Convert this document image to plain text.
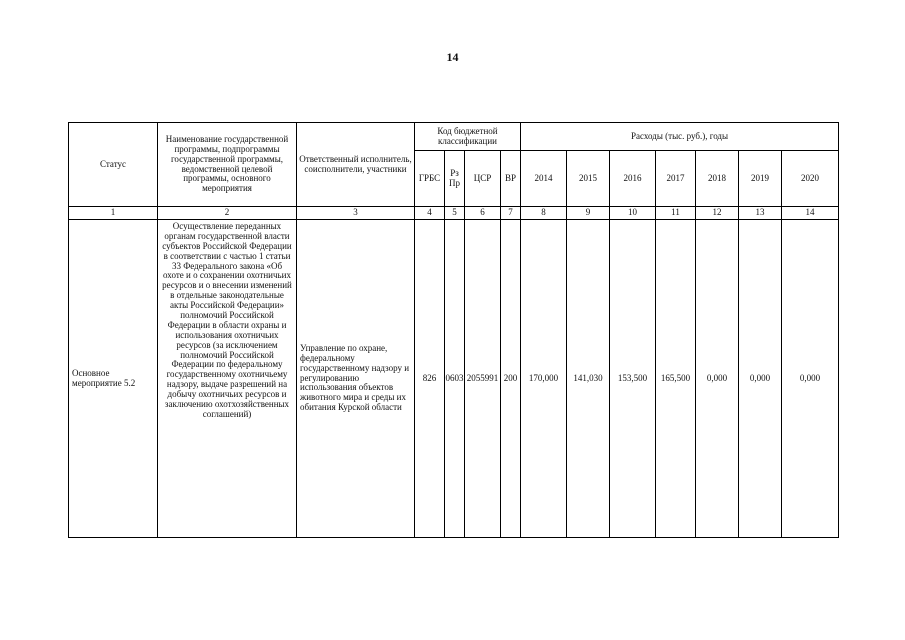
14
Статус	Наименование государственной программы, подпрограммы государственной программы, ведомственной целевой программы, основного мероприятия	Ответственный исполнитель, соисполнители, участники	Код бюджетной классификации				Расходы (тыс. руб.), годы						
			ГРБС	Рз Пр	ЦСР	ВР	2014	2015	2016	2017	2018	2019	2020
1	2	3	4	5	6	7	8	9	10	11	12	13	14
Основное мероприятие 5.2	Осуществление переданных органам государственной власти субъектов Российской Федерации в соответствии с частью 1 статьи 33 Федерального закона «Об охоте и о сохранении охотничьих ресурсов и о внесении изменений в отдельные законодательные акты Российской Федерации» полномочий Российской Федерации в области охраны и использования охотничьих ресурсов (за исключением полномочий Российской Федерации по федеральному государственному охотничьему надзору, выдаче разрешений на добычу охотничьих ресурсов и заключению охотхозяйственных соглашений)	Управление по охране, федеральному государственному надзору и регулированию использования объектов животного мира и среды их обитания Курской области	826	0603	2055991	200	170,000	141,030	153,500	165,500	0,000	0,000	0,000
